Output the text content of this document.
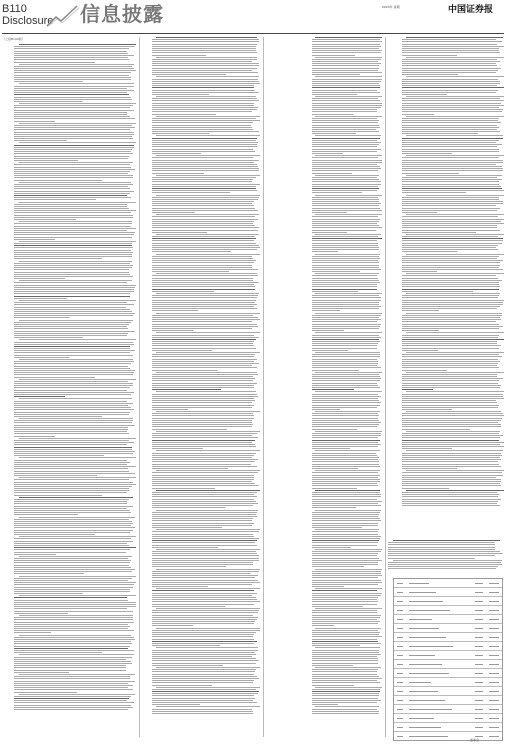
B110
Disclosure 信息披露	2023年 星期	中国证券报
（上接B109版）
董事会
